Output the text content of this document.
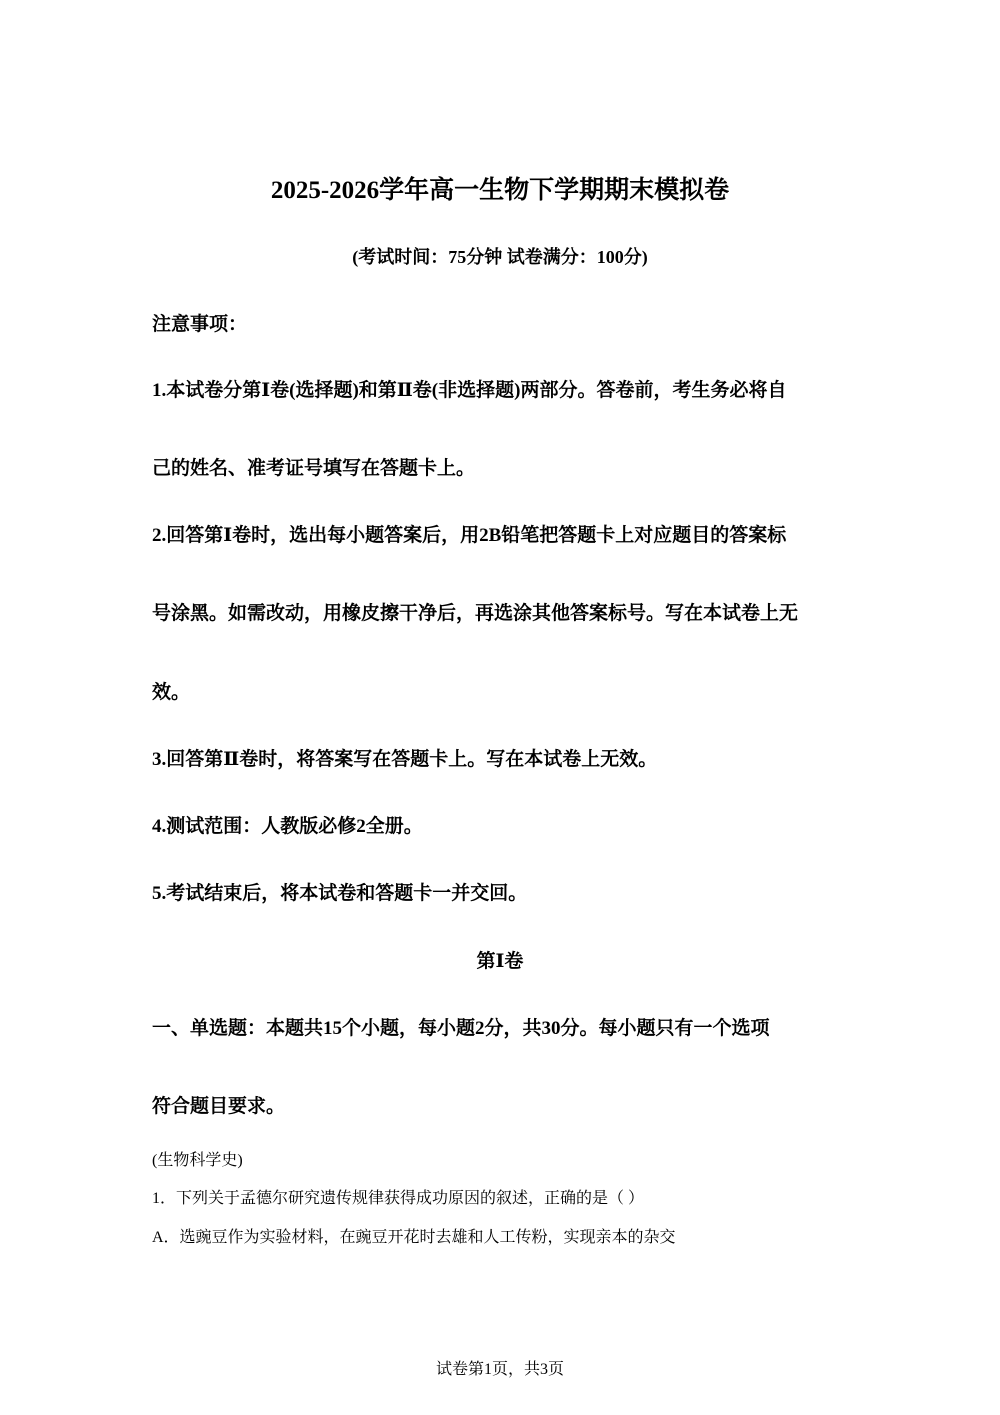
2025-2026学年高一生物下学期期末模拟卷
(考试时间：75分钟 试卷满分：100分)
注意事项：
1.本试卷分第Ⅰ卷(选择题)和第Ⅱ卷(非选择题)两部分。答卷前，考生务必将自
己的姓名、准考证号填写在答题卡上。
2.回答第Ⅰ卷时，选出每小题答案后，用2B铅笔把答题卡上对应题目的答案标
号涂黑。如需改动，用橡皮擦干净后，再选涂其他答案标号。写在本试卷上无
效。
3.回答第Ⅱ卷时，将答案写在答题卡上。写在本试卷上无效。
4.测试范围：人教版必修2全册。
5.考试结束后，将本试卷和答题卡一并交回。
第Ⅰ卷
一、单选题：本题共15个小题，每小题2分，共30分。每小题只有一个选项
符合题目要求。
(生物科学史)
1．下列关于孟德尔研究遗传规律获得成功原因的叙述，正确的是（ ）
A．选豌豆作为实验材料，在豌豆开花时去雄和人工传粉，实现亲本的杂交
试卷第1页，共3页
